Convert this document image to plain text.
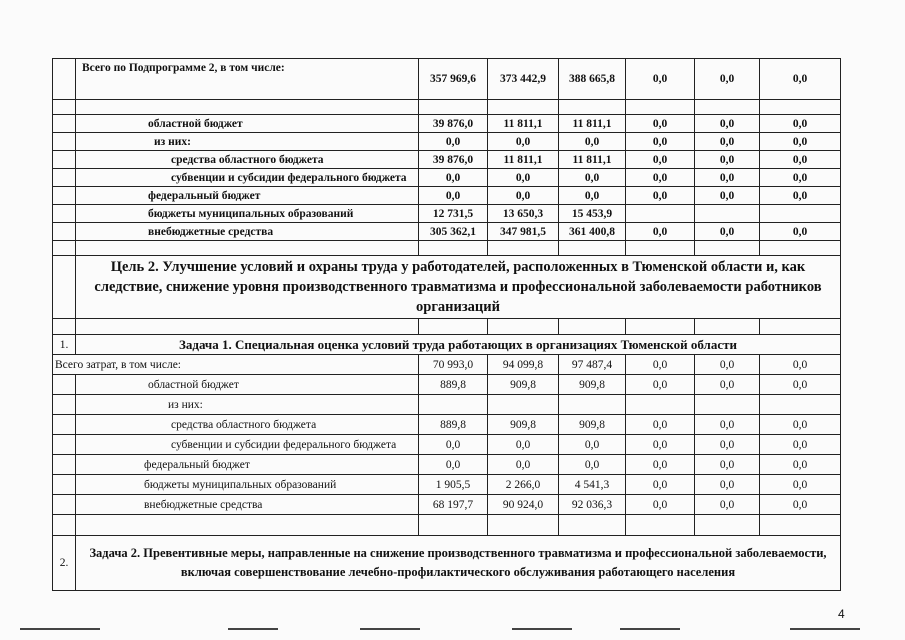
	Всего по Подпрограмме 2, в том числе:	357 969,6	373 442,9	388 665,8	0,0	0,0	0,0

	областной бюджет	39 876,0	11 811,1	11 811,1	0,0	0,0	0,0
	из них:	0,0	0,0	0,0	0,0	0,0	0,0
	средства областного бюджета	39 876,0	11 811,1	11 811,1	0,0	0,0	0,0
	субвенции и субсидии федерального бюджета	0,0	0,0	0,0	0,0	0,0	0,0
	федеральный бюджет	0,0	0,0	0,0	0,0	0,0	0,0
	бюджеты муниципальных образований	12 731,5	13 650,3	15 453,9			
	внебюджетные средства	305 362,1	347 981,5	361 400,8	0,0	0,0	0,0

	Цель 2. Улучшение условий и охраны труда у работодателей, расположенных в Тюменской области и, как следствие, снижение уровня производственного травматизма и профессиональной заболеваемости работников организаций						

1.	Задача 1. Специальная оценка условий труда работающих в организациях Тюменской области						
Всего затрат, в том числе:		70 993,0	94 099,8	97 487,4	0,0	0,0	0,0
	областной бюджет	889,8	909,8	909,8	0,0	0,0	0,0
	из них:						
	средства областного бюджета	889,8	909,8	909,8	0,0	0,0	0,0
	субвенции и субсидии федерального бюджета	0,0	0,0	0,0	0,0	0,0	0,0
	федеральный бюджет	0,0	0,0	0,0	0,0	0,0	0,0
	бюджеты муниципальных образований	1 905,5	2 266,0	4 541,3	0,0	0,0	0,0
	внебюджетные средства	68 197,7	90 924,0	92 036,3	0,0	0,0	0,0

2.	Задача 2. Превентивные меры, направленные на снижение производственного травматизма и профессиональной заболеваемости, включая совершенствование лечебно-профилактического обслуживания работающего населения						
4
